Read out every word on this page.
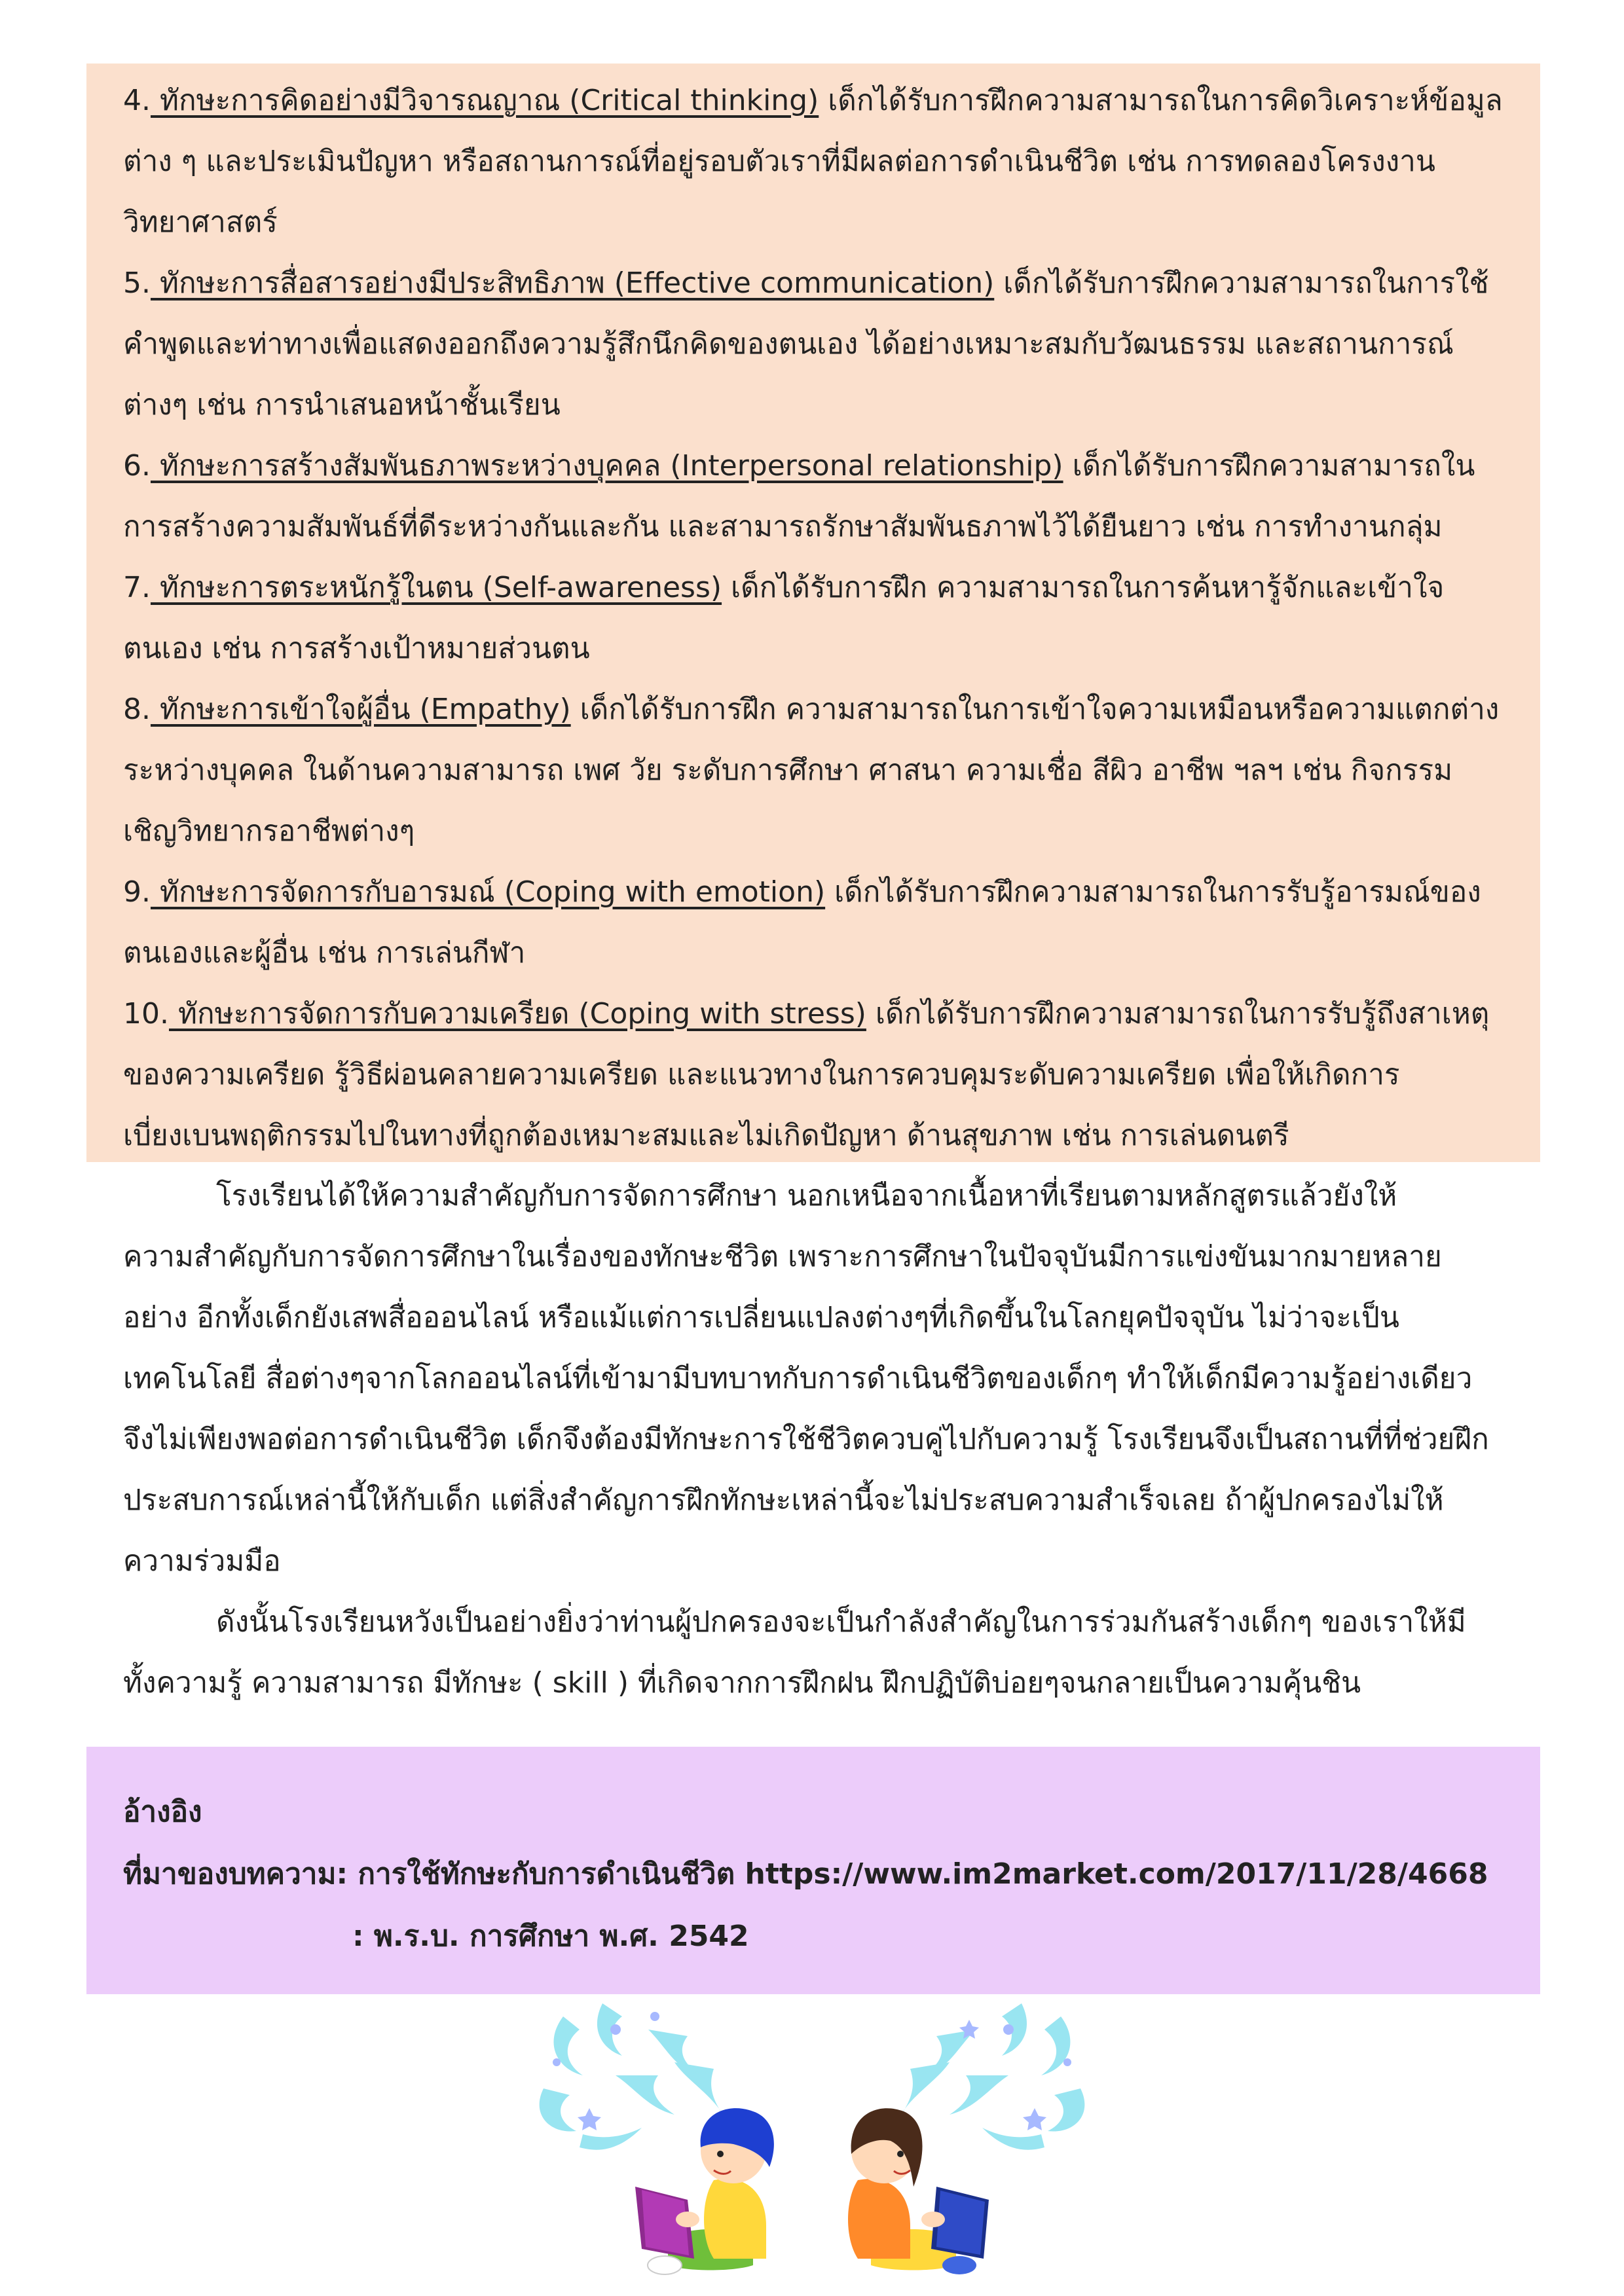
4. ทักษะการคิดอย่างมีวิจารณญาณ (Critical thinking) เด็กได้รับการฝึกความสามารถในการคิดวิเคราะห์ข้อมูล

ต่าง ๆ และประเมินปัญหา หรือสถานการณ์ที่อยู่รอบตัวเราที่มีผลต่อการดำเนินชีวิต เช่น การทดลองโครงงาน

วิทยาศาสตร์

5. ทักษะการสื่อสารอย่างมีประสิทธิภาพ (Effective communication) เด็กได้รับการฝึกความสามารถในการใช้

คำพูดและท่าทางเพื่อแสดงออกถึงความรู้สึกนึกคิดของตนเอง ได้อย่างเหมาะสมกับวัฒนธรรม และสถานการณ์

ต่างๆ เช่น การนำเสนอหน้าชั้นเรียน

6. ทักษะการสร้างสัมพันธภาพระหว่างบุคคล (Interpersonal relationship) เด็กได้รับการฝึกความสามารถใน

การสร้างความสัมพันธ์ที่ดีระหว่างกันและกัน และสามารถรักษาสัมพันธภาพไว้ได้ยืนยาว เช่น การทำงานกลุ่ม

7. ทักษะการตระหนักรู้ในตน (Self-awareness) เด็กได้รับการฝึก ความสามารถในการค้นหารู้จักและเข้าใจ

ตนเอง เช่น การสร้างเป้าหมายส่วนตน

8. ทักษะการเข้าใจผู้อื่น (Empathy) เด็กได้รับการฝึก ความสามารถในการเข้าใจความเหมือนหรือความแตกต่าง

ระหว่างบุคคล ในด้านความสามารถ เพศ วัย ระดับการศึกษา ศาสนา ความเชื่อ สีผิว อาชีพ ฯลฯ เช่น กิจกรรม

เชิญวิทยากรอาชีพต่างๆ

9. ทักษะการจัดการกับอารมณ์ (Coping with emotion) เด็กได้รับการฝึกความสามารถในการรับรู้อารมณ์ของ

ตนเองและผู้อื่น เช่น การเล่นกีฬา

10. ทักษะการจัดการกับความเครียด (Coping with stress) เด็กได้รับการฝึกความสามารถในการรับรู้ถึงสาเหตุ

ของความเครียด รู้วิธีผ่อนคลายความเครียด และแนวทางในการควบคุมระดับความเครียด เพื่อให้เกิดการ

เบี่ยงเบนพฤติกรรมไปในทางที่ถูกต้องเหมาะสมและไม่เกิดปัญหา ด้านสุขภาพ เช่น การเล่นดนตรี

โรงเรียนได้ให้ความสำคัญกับการจัดการศึกษา นอกเหนือจากเนื้อหาที่เรียนตามหลักสูตรแล้วยังให้

ความสำคัญกับการจัดการศึกษาในเรื่องของทักษะชีวิต เพราะการศึกษาในปัจจุบันมีการแข่งขันมากมายหลาย

อย่าง อีกทั้งเด็กยังเสพสื่อออนไลน์ หรือแม้แต่การเปลี่ยนแปลงต่างๆที่เกิดขึ้นในโลกยุคปัจจุบัน ไม่ว่าจะเป็น

เทคโนโลยี สื่อต่างๆจากโลกออนไลน์ที่เข้ามามีบทบาทกับการดำเนินชีวิตของเด็กๆ ทำให้เด็กมีความรู้อย่างเดียว

จึงไม่เพียงพอต่อการดำเนินชีวิต เด็กจึงต้องมีทักษะการใช้ชีวิตควบคู่ไปกับความรู้ โรงเรียนจึงเป็นสถานที่ที่ช่วยฝึก

ประสบการณ์เหล่านี้ให้กับเด็ก แต่สิ่งสำคัญการฝึกทักษะเหล่านี้จะไม่ประสบความสำเร็จเลย ถ้าผู้ปกครองไม่ให้

ความร่วมมือ

ดังนั้นโรงเรียนหวังเป็นอย่างยิ่งว่าท่านผู้ปกครองจะเป็นกำลังสำคัญในการร่วมกันสร้างเด็กๆ ของเราให้มี

ทั้งความรู้ ความสามารถ มีทักษะ ( skill ) ที่เกิดจากการฝึกฝน ฝึกปฏิบัติบ่อยๆจนกลายเป็นความคุ้นชิน

อ้างอิง

ที่มาของบทความ: การใช้ทักษะกับการดำเนินชีวิต https://www.im2market.com/2017/11/28/4668

: พ.ร.บ. การศึกษา พ.ศ. 2542
